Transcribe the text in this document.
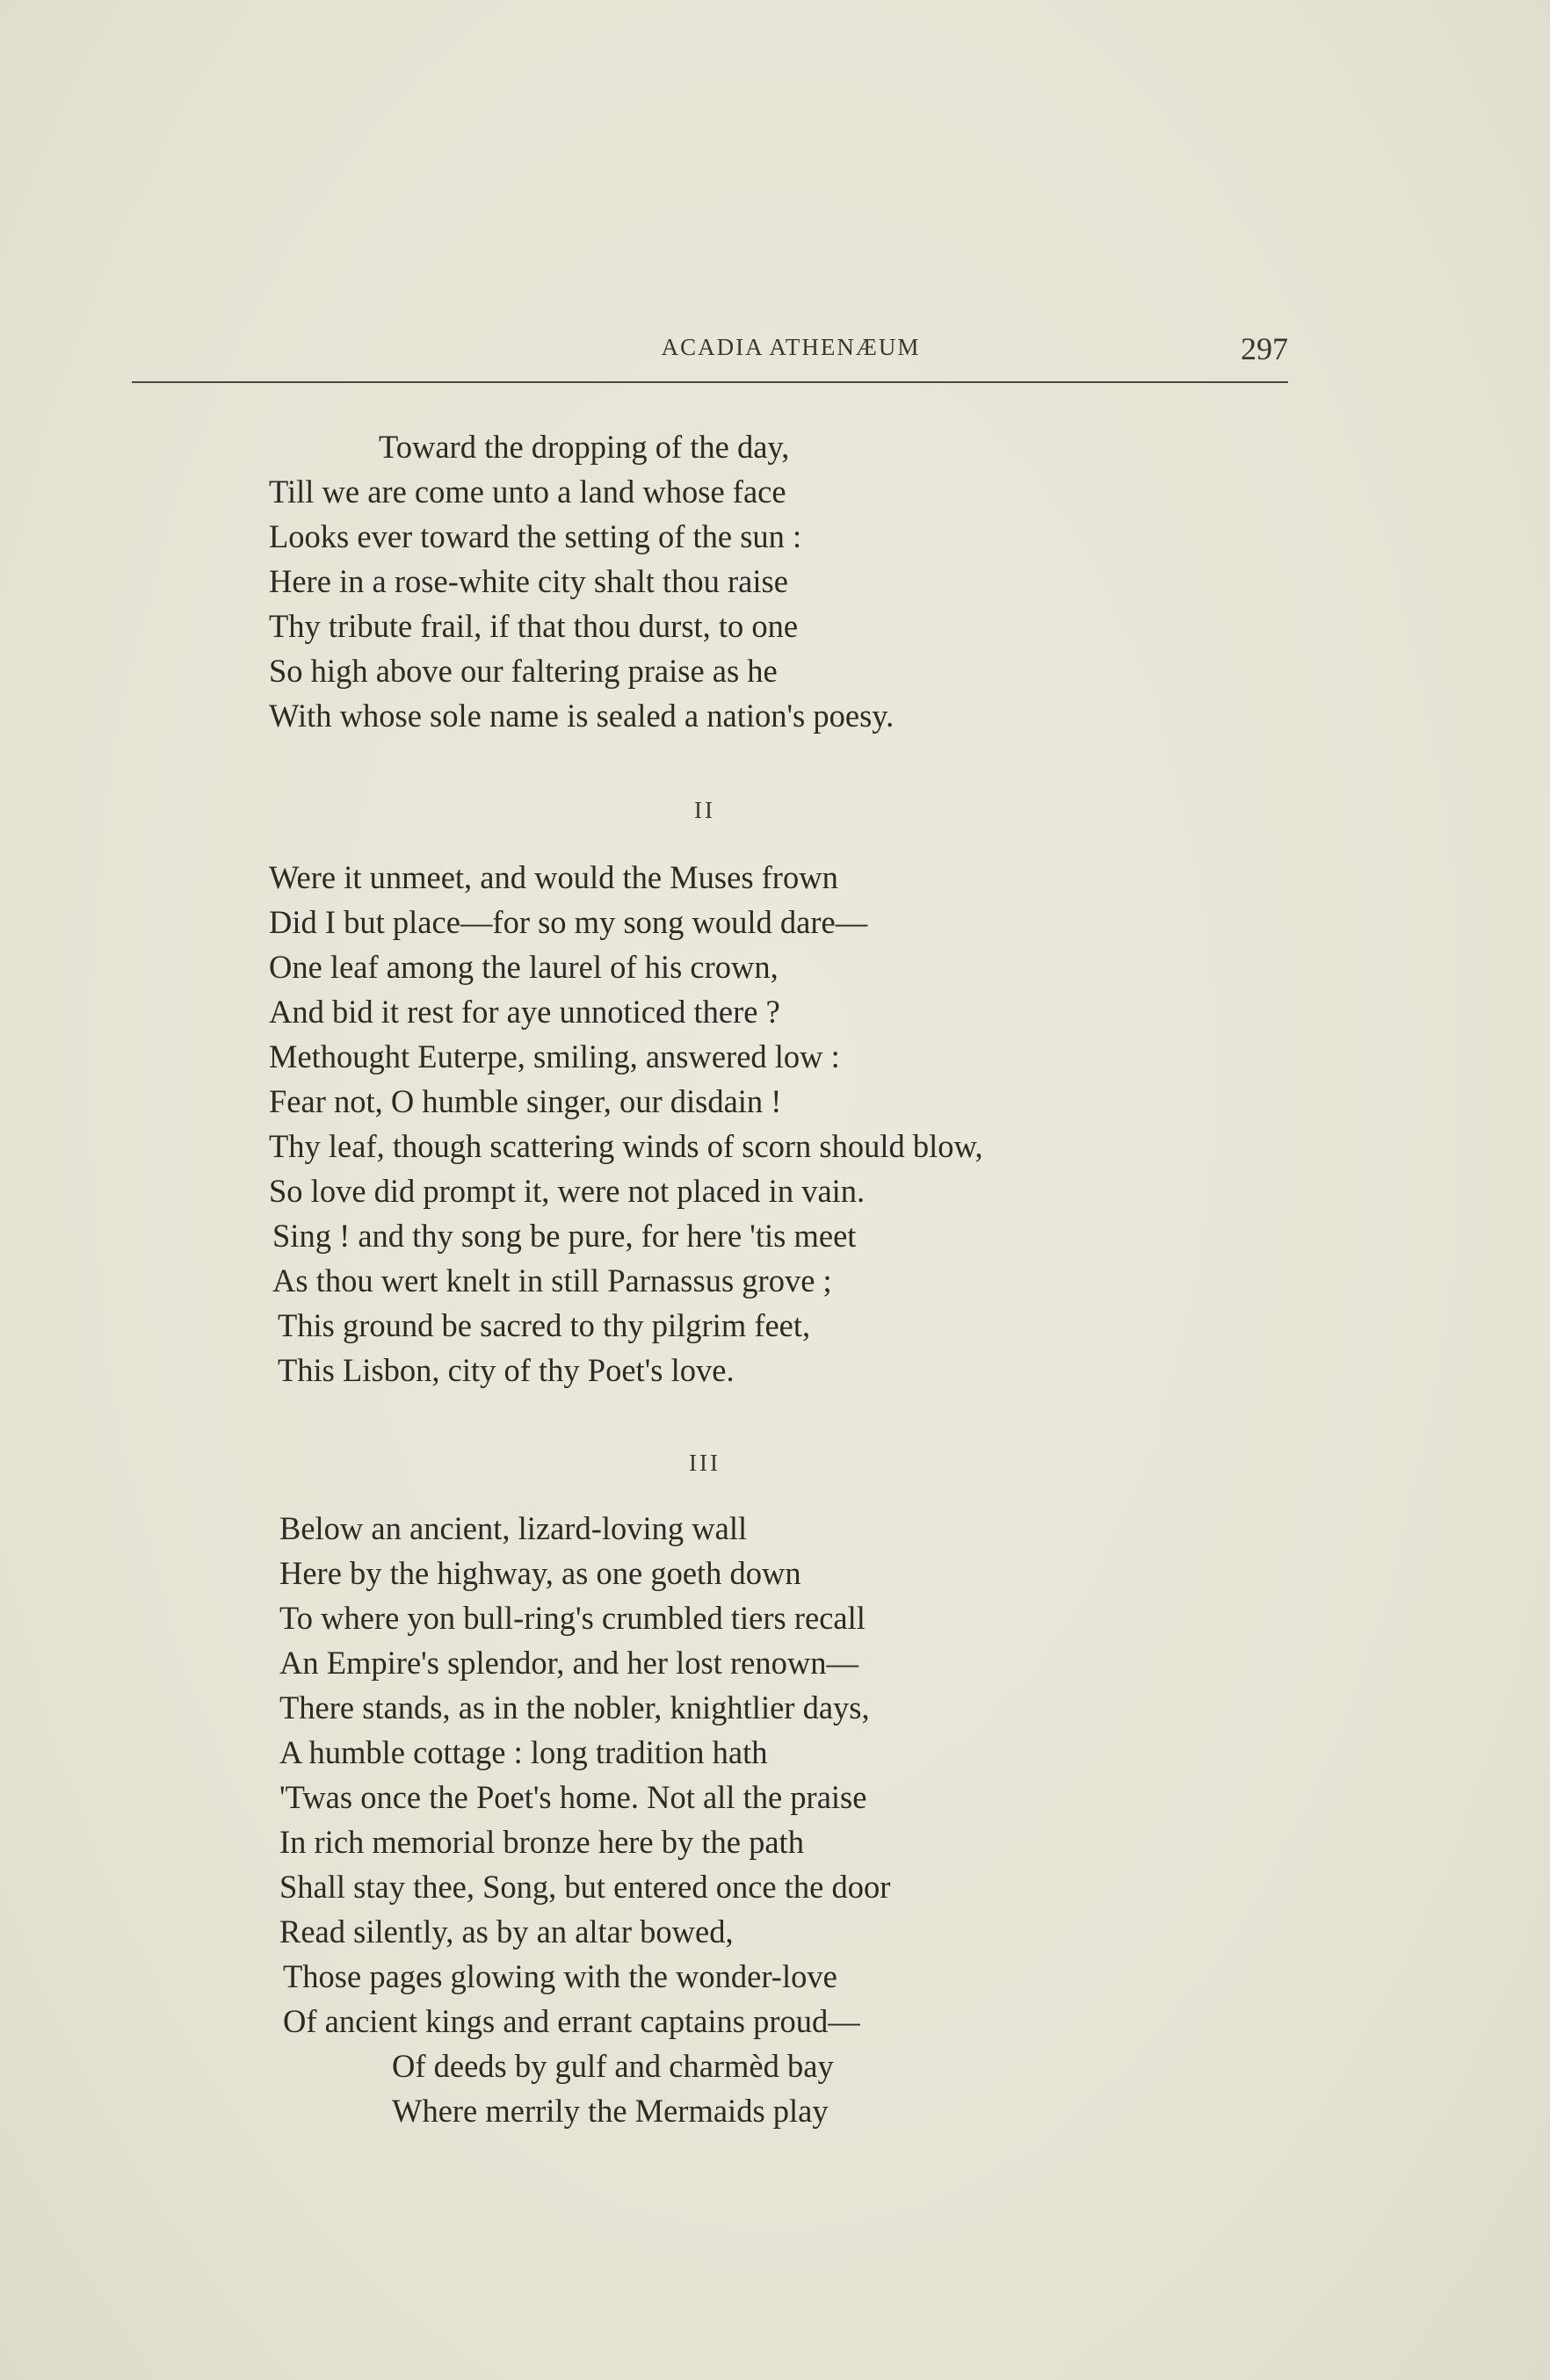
ACADIA ATHENÆUM	297
Toward the dropping of the day,
Till we are come unto a land whose face
Looks ever toward the setting of the sun :
Here in a rose-white city shalt thou raise
Thy tribute frail, if that thou durst, to one
So high above our faltering praise as he
With whose sole name is sealed a nation's poesy.
II
Were it unmeet, and would the Muses frown
Did I but place—for so my song would dare—
One leaf among the laurel of his crown,
And bid it rest for aye unnoticed there ?
Methought Euterpe, smiling, answered low :
Fear not, O humble singer, our disdain !
Thy leaf, though scattering winds of scorn should blow,
So love did prompt it, were not placed in vain.
Sing ! and thy song be pure, for here 'tis meet
As thou wert knelt in still Parnassus grove ;
This ground be sacred to thy pilgrim feet,
This Lisbon, city of thy Poet's love.
III
Below an ancient, lizard-loving wall
Here by the highway, as one goeth down
To where yon bull-ring's crumbled tiers recall
An Empire's splendor, and her lost renown—
There stands, as in the nobler, knightlier days,
A humble cottage : long tradition hath
'Twas once the Poet's home. Not all the praise
In rich memorial bronze here by the path
Shall stay thee, Song, but entered once the door
Read silently, as by an altar bowed,
Those pages glowing with the wonder-love
Of ancient kings and errant captains proud—
Of deeds by gulf and charmèd bay
Where merrily the Mermaids play
